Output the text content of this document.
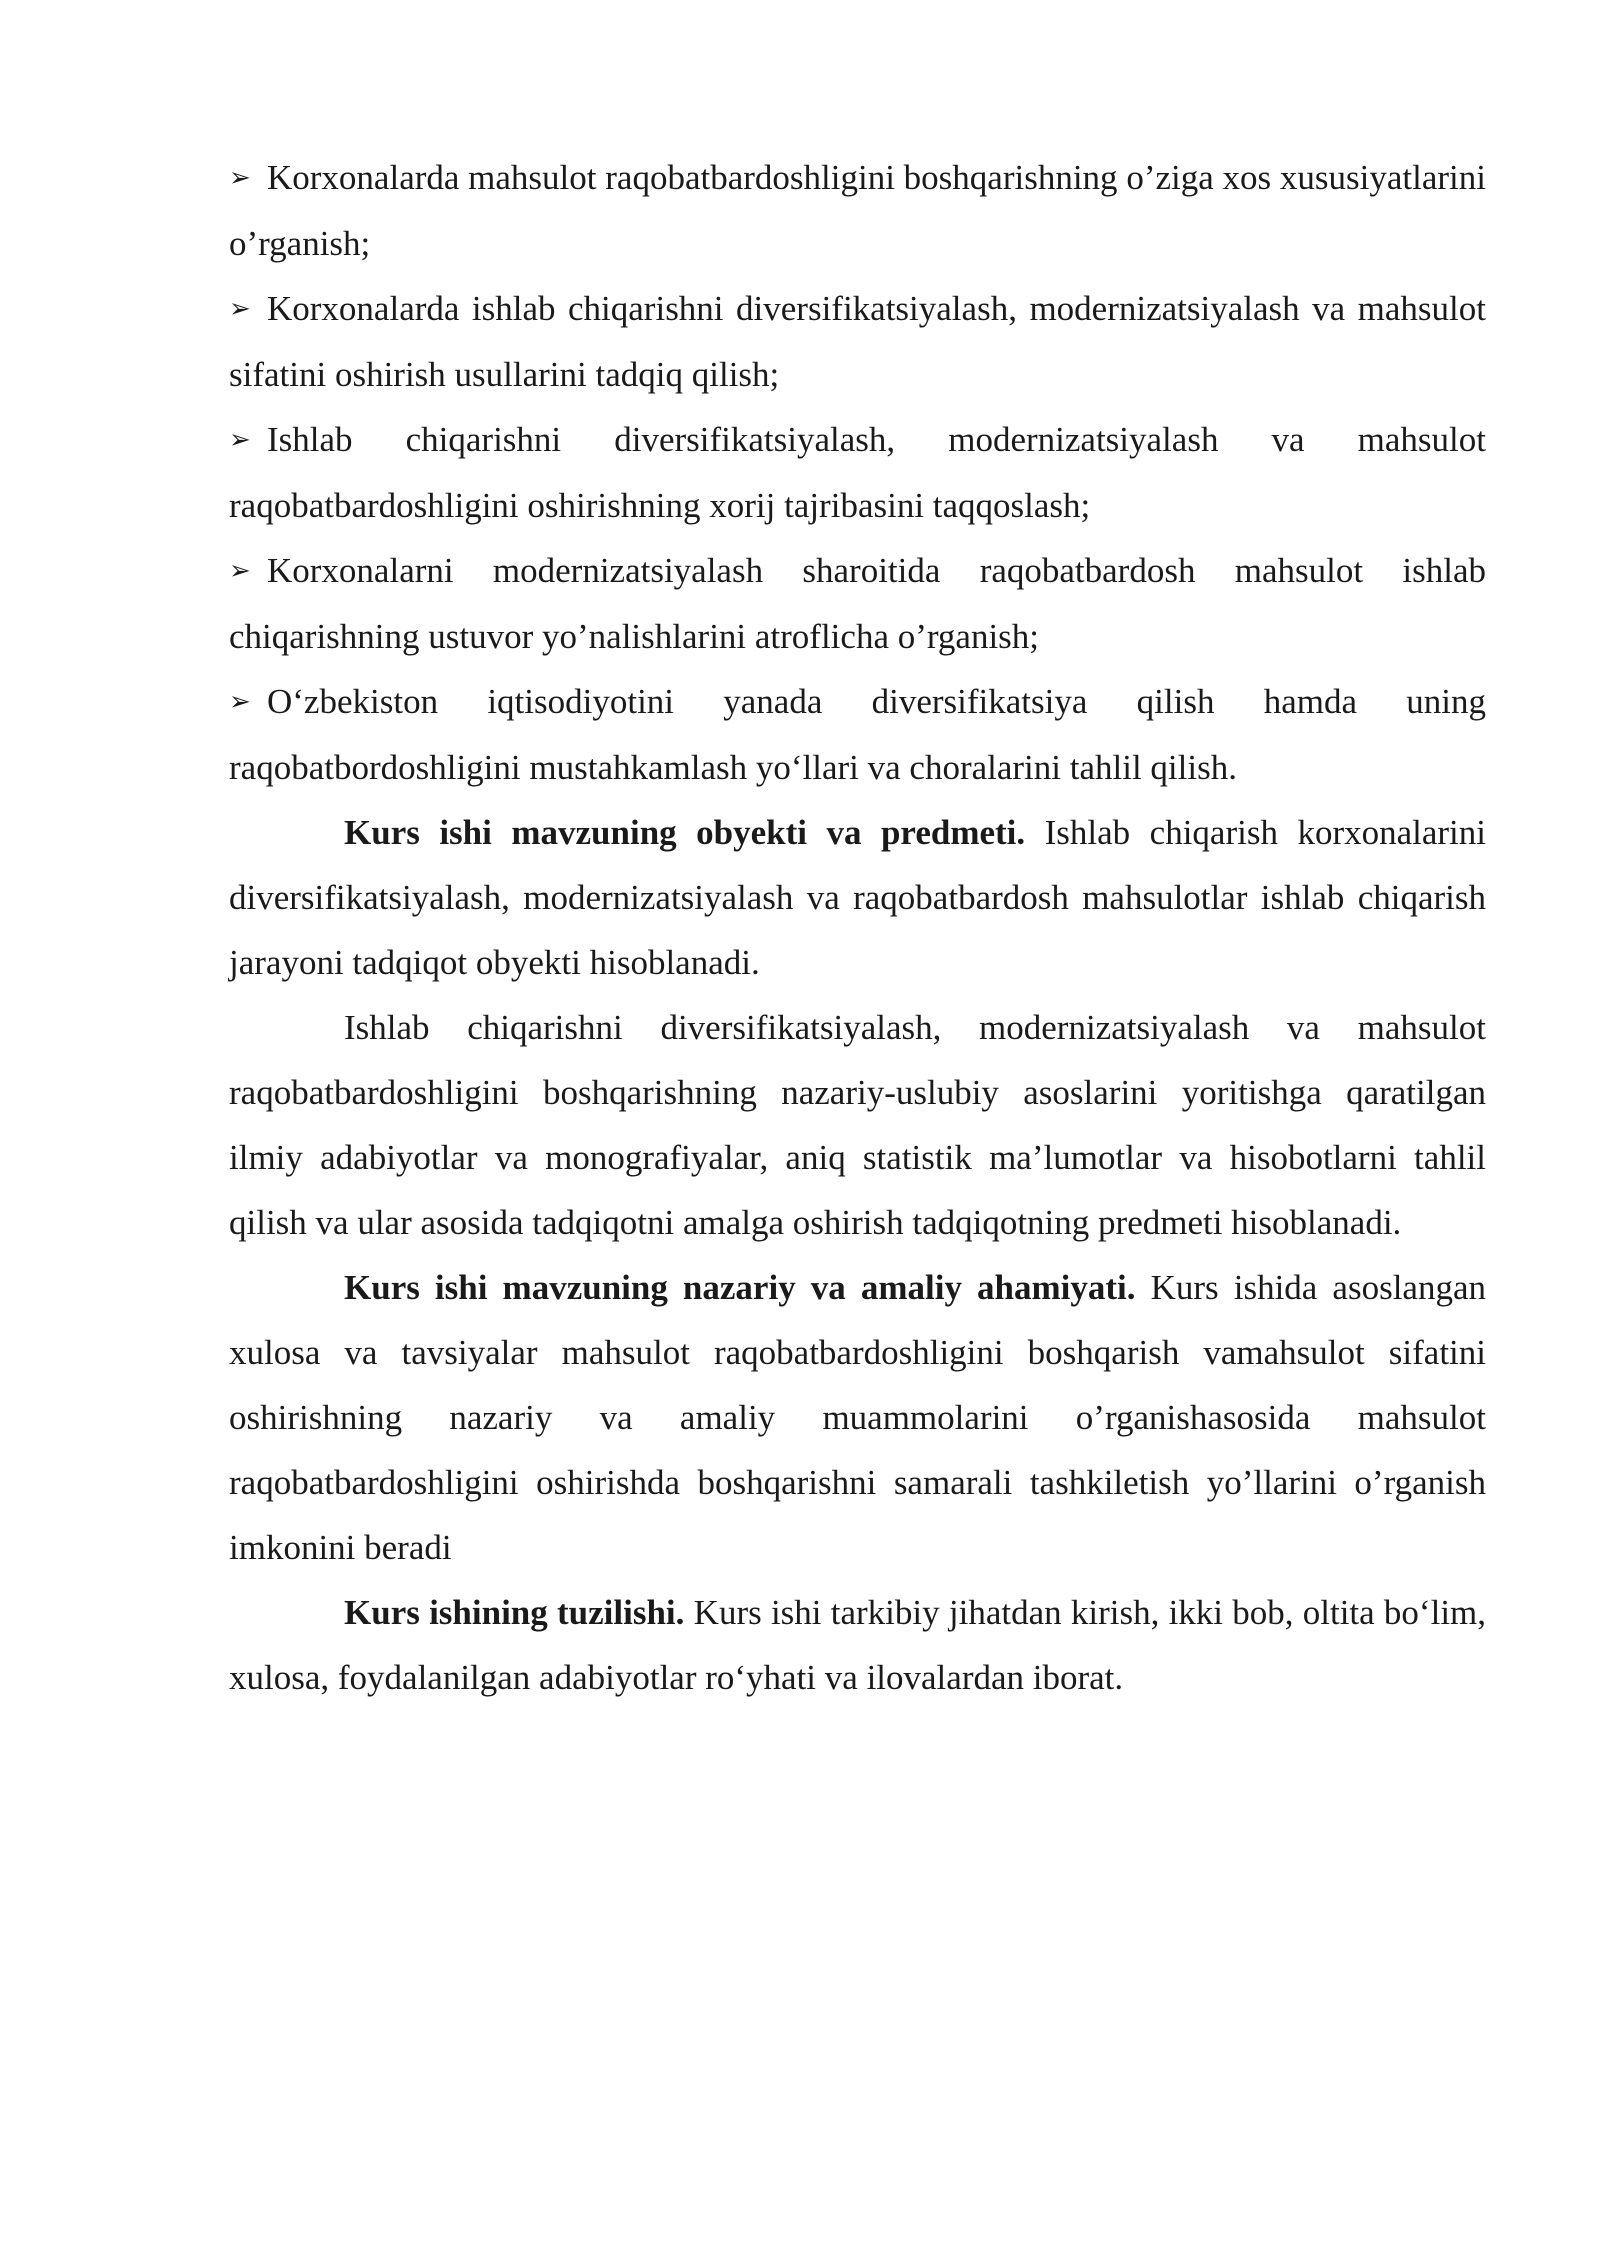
➢ Korxonalarda mahsulot raqobatbardoshligini boshqarishning o’ziga xos xususiyatlarini o’rganish;

➢ Korxonalarda ishlab chiqarishni diversifikatsiyalash, modernizatsiyalash va mahsulot sifatini oshirish usullarini tadqiq qilish;

➢ Ishlab chiqarishni diversifikatsiyalash, modernizatsiyalash va mahsulot raqobatbardoshligini oshirishning xorij tajribasini taqqoslash;

➢ Korxonalarni modernizatsiyalash sharoitida raqobatbardosh mahsulot ishlab chiqarishning ustuvor yo’nalishlarini atroflicha o’rganish;

➢ O‘zbekiston iqtisodiyotini yanada diversifikatsiya qilish hamda uning raqobatbordoshligini mustahkamlash yo‘llari va choralarini tahlil qilish.

Kurs ishi mavzuning obyekti va predmeti. Ishlab chiqarish korxonalarini diversifikatsiyalash, modernizatsiyalash va raqobatbardosh mahsulotlar ishlab chiqarish jarayoni tadqiqot obyekti hisoblanadi.

Ishlab chiqarishni diversifikatsiyalash, modernizatsiyalash va mahsulot raqobatbardoshligini boshqarishning nazariy-uslubiy asoslarini yoritishga qaratilgan ilmiy adabiyotlar va monografiyalar, aniq statistik ma’lumotlar va hisobotlarni tahlil qilish va ular asosida tadqiqotni amalga oshirish tadqiqotning predmeti hisoblanadi.

Kurs ishi mavzuning nazariy va amaliy ahamiyati. Kurs ishida asoslangan xulosa va tavsiyalar mahsulot raqobatbardoshligini boshqarish vamahsulot sifatini oshirishning nazariy va amaliy muammolarini o’rganishasosida mahsulot raqobatbardoshligini oshirishda boshqarishni samarali tashkiletish yo’llarini o’rganish imkonini beradi

Kurs ishining tuzilishi. Kurs ishi tarkibiy jihatdan kirish, ikki bob, oltita bo‘lim, xulosa, foydalanilgan adabiyotlar ro‘yhati va ilovalardan iborat.
